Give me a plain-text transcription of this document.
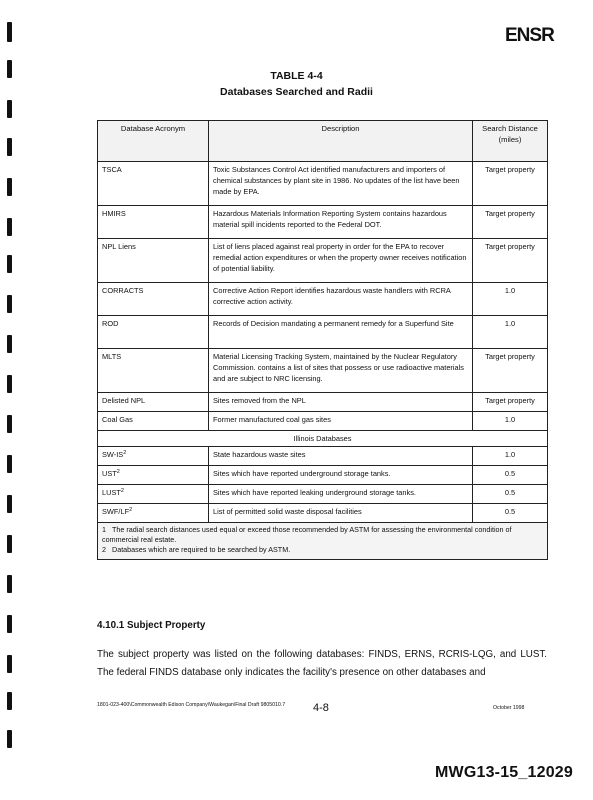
ENSR
TABLE 4-4
Databases Searched and Radii
Database Acronym	Description	Search Distance (miles)
TSCA	Toxic Substances Control Act identified manufacturers and importers of chemical substances by plant site in 1986. No updates of the list have been made by EPA.	Target property
HMIRS	Hazardous Materials Information Reporting System contains hazardous material spill incidents reported to the Federal DOT.	Target property
NPL Liens	List of liens placed against real property in order for the EPA to recover remedial action expenditures or when the property owner receives notification of potential liability.	Target property
CORRACTS	Corrective Action Report identifies hazardous waste handlers with RCRA corrective action activity.	1.0
ROD	Records of Decision mandating a permanent remedy for a Superfund Site	1.0
MLTS	Material Licensing Tracking System, maintained by the Nuclear Regulatory Commission. contains a list of sites that possess or use radioactive materials and are subject to NRC licensing.	Target property
Delisted NPL	Sites removed from the NPL	Target property
Coal Gas	Former manufactured coal gas sites	1.0
Illinois Databases		
$SW-IS^2$	State hazardous waste sites	1.0
UST$^2$	Sites which have reported underground storage tanks.	0.5
LUST$^2$	Sites which have reported leaking underground storage tanks.	0.5
SWF/$LF^2$	List of permitted solid waste disposal facilities	0.5

1 The radial search distances used equal or exceed those recommended by ASTM for assessing the environmental condition of commercial real estate.
2 Databases which are required to be searched by ASTM.		
4.10.1 Subject Property

The subject property was listed on the following databases: FINDS, ERNS, RCRIS-LQG, and LUST. The federal FINDS database only indicates the facility's presence on other databases and

1801-023-400\Commonwealth Edison Company\Waukegan\Final Draft 9805010.7	4-8	October 1998
MWG13-15_12029
